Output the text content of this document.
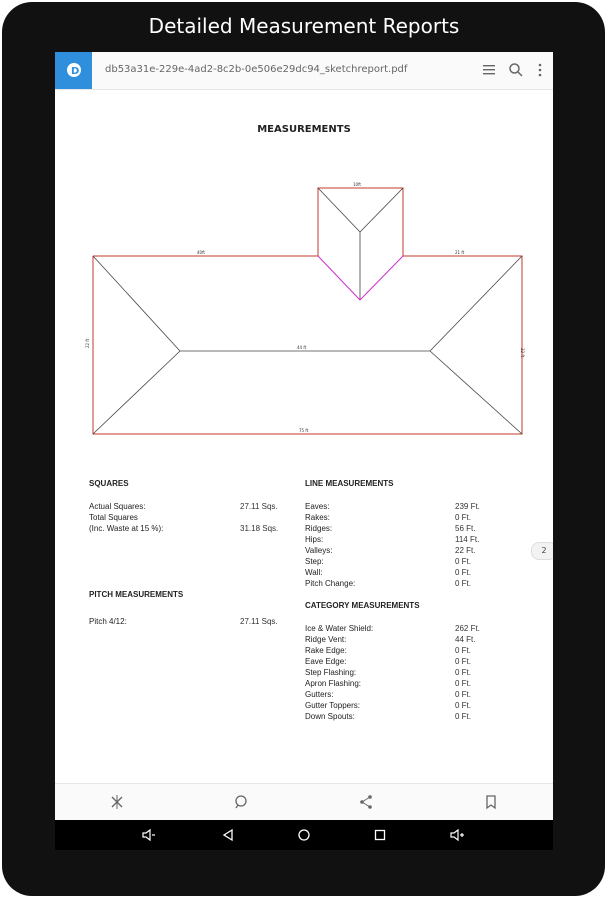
Detailed Measurement Reports
D	db53a31e-229e-4ad2-8c2b-0e506e29dc94_sketchreport.pdf
MEASUREMENTS
10ft
40ft	21 ft
44 ft
75 ft
22 ft
22 ft
SQUARES
Actual Squares:	27.11 Sqs.
Total Squares
(Inc. Waste at 15 %):	31.18 Sqs.
PITCH MEASUREMENTS
Pitch 4/12:	27.11 Sqs.
LINE MEASUREMENTS
Eaves:	239 Ft.
Rakes:	0 Ft.
Ridges:	56 Ft.
Hips:	114 Ft.
Valleys:	22 Ft.
Step:	0 Ft.
Wall:	0 Ft.
Pitch Change:	0 Ft.
CATEGORY MEASUREMENTS
Ice & Water Shield:	262 Ft.
Ridge Vent:	44 Ft.
Rake Edge:	0 Ft.
Eave Edge:	0 Ft.
Step Flashing:	0 Ft.
Apron Flashing:	0 Ft.
Gutters:	0 Ft.
Gutter Toppers:	0 Ft.
Down Spouts:	0 Ft.
2
